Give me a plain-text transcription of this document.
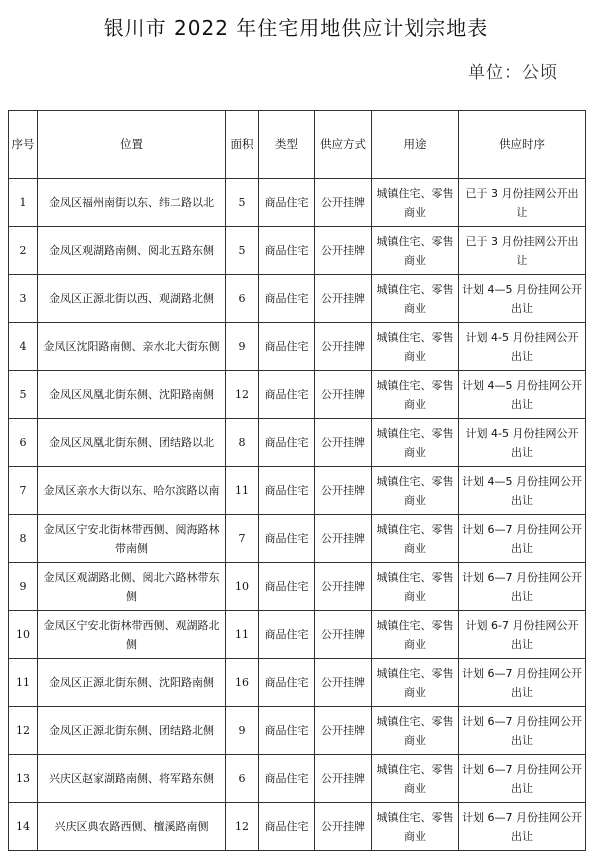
银川市 2022 年住宅用地供应计划宗地表
单位：公顷
序号	位置	面积	类型	供应方式	用途	供应时序
1	金凤区福州南街以东、纬二路以北	5	商品住宅	公开挂牌	城镇住宅、零售商业	已于 3 月份挂网公开出让
2	金凤区观湖路南侧、阅北五路东侧	5	商品住宅	公开挂牌	城镇住宅、零售商业	已于 3 月份挂网公开出让
3	金凤区正源北街以西、观湖路北侧	6	商品住宅	公开挂牌	城镇住宅、零售商业	计划 4—5 月份挂网公开出让
4	金凤区沈阳路南侧、亲水北大街东侧	9	商品住宅	公开挂牌	城镇住宅、零售商业	计划 4-5 月份挂网公开出让
5	金凤区凤凰北街东侧、沈阳路南侧	12	商品住宅	公开挂牌	城镇住宅、零售商业	计划 4—5 月份挂网公开出让
6	金凤区凤凰北街东侧、团结路以北	8	商品住宅	公开挂牌	城镇住宅、零售商业	计划 4-5 月份挂网公开出让
7	金凤区亲水大街以东、哈尔滨路以南	11	商品住宅	公开挂牌	城镇住宅、零售商业	计划 4—5 月份挂网公开出让
8	金凤区宁安北街林带西侧、阅海路林带南侧	7	商品住宅	公开挂牌	城镇住宅、零售商业	计划 6—7 月份挂网公开出让
9	金凤区观湖路北侧、阅北六路林带东侧	10	商品住宅	公开挂牌	城镇住宅、零售商业	计划 6—7 月份挂网公开出让
10	金凤区宁安北街林带西侧、观湖路北侧	11	商品住宅	公开挂牌	城镇住宅、零售商业	计划 6-7 月份挂网公开出让
11	金凤区正源北街东侧、沈阳路南侧	16	商品住宅	公开挂牌	城镇住宅、零售商业	计划 6—7 月份挂网公开出让
12	金凤区正源北街东侧、团结路北侧	9	商品住宅	公开挂牌	城镇住宅、零售商业	计划 6—7 月份挂网公开出让
13	兴庆区赵家湖路南侧、将军路东侧	6	商品住宅	公开挂牌	城镇住宅、零售商业	计划 6—7 月份挂网公开出让
14	兴庆区典农路西侧、檀溪路南侧	12	商品住宅	公开挂牌	城镇住宅、零售商业	计划 6—7 月份挂网公开出让
